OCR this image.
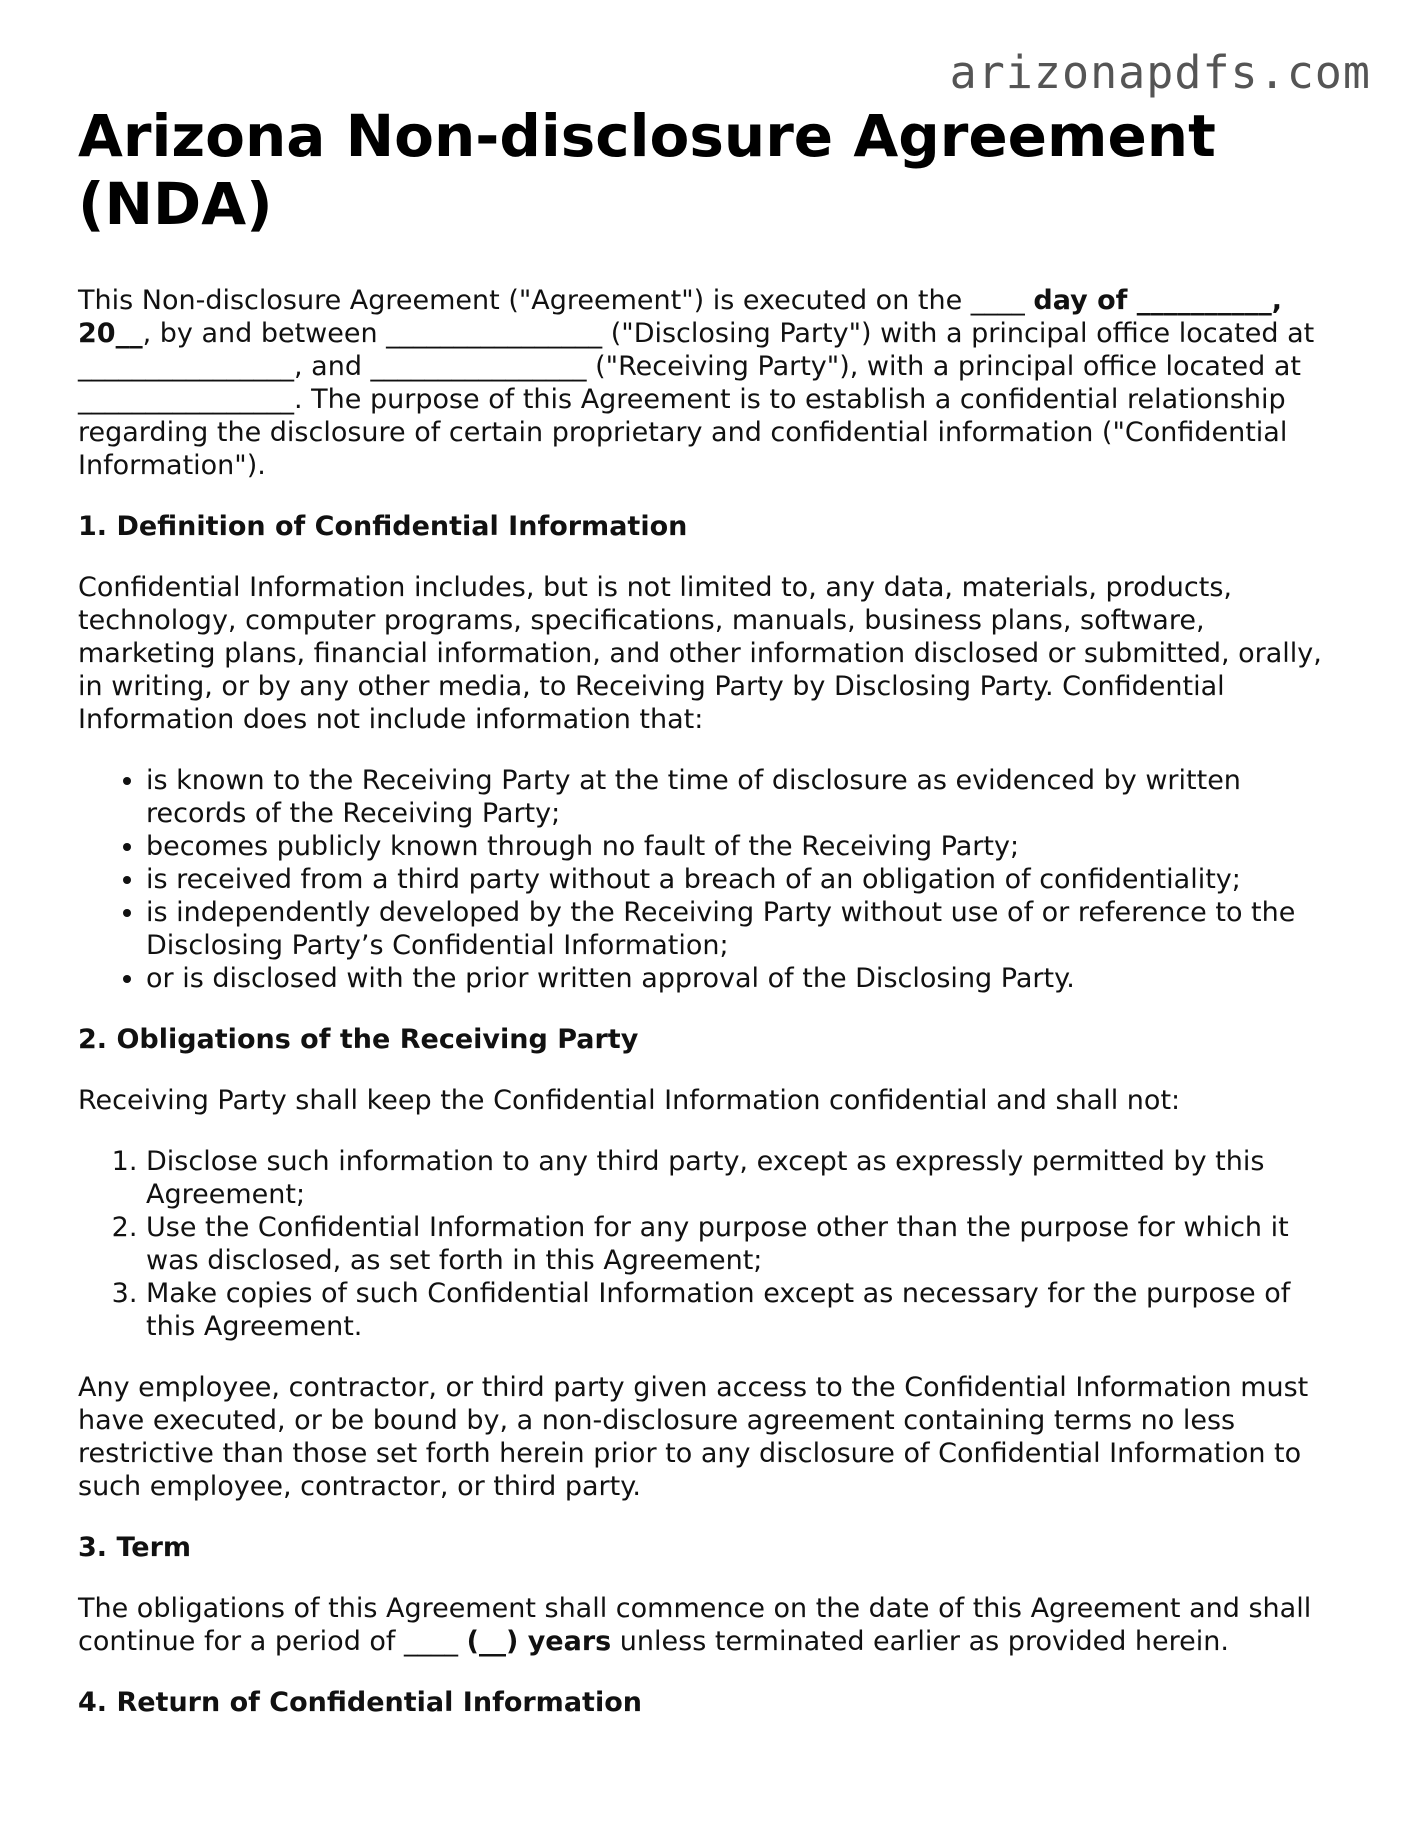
arizonapdfs.com
Arizona Non-disclosure Agreement (NDA)

This Non-disclosure Agreement ("Agreement") is executed on the ____ day of __________, 20__, by and between ________________ ("Disclosing Party") with a principal office located at ________________, and ________________ ("Receiving Party"), with a principal office located at ________________. The purpose of this Agreement is to establish a confidential relationship regarding the disclosure of certain proprietary and confidential information ("Confidential Information").

1. Definition of Confidential Information

Confidential Information includes, but is not limited to, any data, materials, products, technology, computer programs, specifications, manuals, business plans, software, marketing plans, financial information, and other information disclosed or submitted, orally, in writing, or by any other media, to Receiving Party by Disclosing Party. Confidential Information does not include information that:

• is known to the Receiving Party at the time of disclosure as evidenced by written records of the Receiving Party;
• becomes publicly known through no fault of the Receiving Party;
• is received from a third party without a breach of an obligation of confidentiality;
• is independently developed by the Receiving Party without use of or reference to the Disclosing Party’s Confidential Information;
• or is disclosed with the prior written approval of the Disclosing Party.
2. Obligations of the Receiving Party

Receiving Party shall keep the Confidential Information confidential and shall not:

1. Disclose such information to any third party, except as expressly permitted by this Agreement;
2. Use the Confidential Information for any purpose other than the purpose for which it was disclosed, as set forth in this Agreement;
3. Make copies of such Confidential Information except as necessary for the purpose of this Agreement.

Any employee, contractor, or third party given access to the Confidential Information must have executed, or be bound by, a non-disclosure agreement containing terms no less restrictive than those set forth herein prior to any disclosure of Confidential Information to such employee, contractor, or third party.

3. Term

The obligations of this Agreement shall commence on the date of this Agreement and shall continue for a period of ____ (__) years unless terminated earlier as provided herein.

4. Return of Confidential Information
